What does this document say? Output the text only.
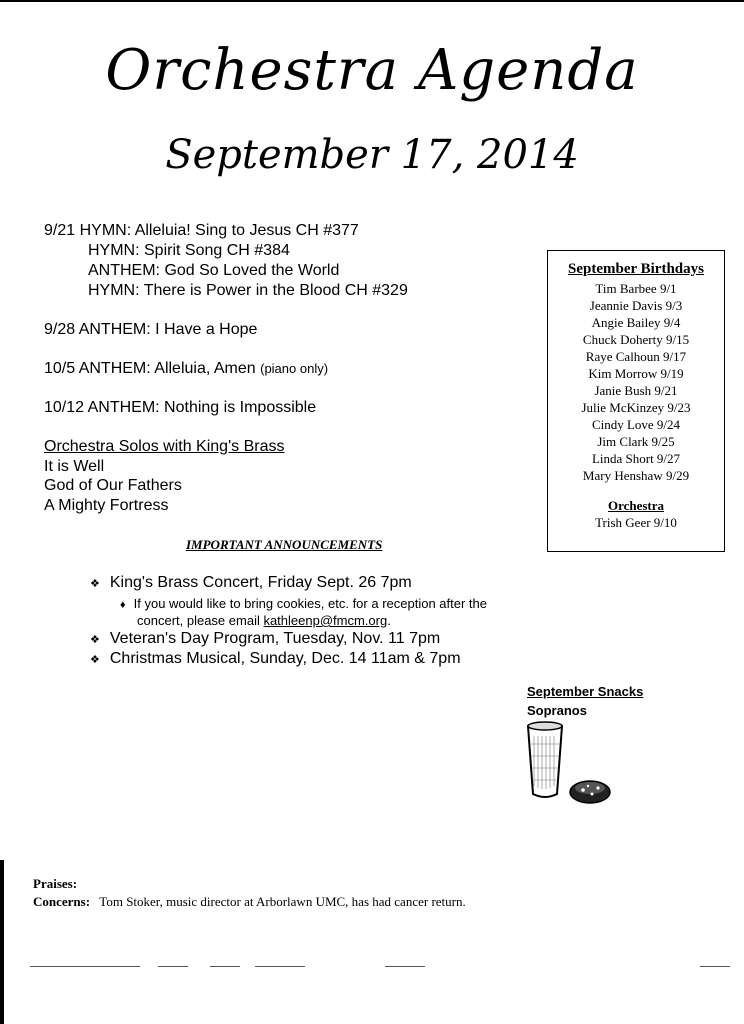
Orchestra Agenda
September 17, 2014
9/21 HYMN: Alleluia! Sing to Jesus CH #377
HYMN: Spirit Song CH #384
ANTHEM: God So Loved the World
HYMN: There is Power in the Blood CH #329
9/28 ANTHEM: I Have a Hope
10/5 ANTHEM: Alleluia, Amen (piano only)
10/12 ANTHEM: Nothing is Impossible
Orchestra Solos with King's Brass
It is Well
God of Our Fathers
A Mighty Fortress
September Birthdays
Tim Barbee 9/1
Jeannie Davis 9/3
Angie Bailey 9/4
Chuck Doherty 9/15
Raye Calhoun 9/17
Kim Morrow 9/19
Janie Bush 9/21
Julie McKinzey 9/23
Cindy Love 9/24
Jim Clark 9/25
Linda Short 9/27
Mary Henshaw 9/29
Orchestra
Trish Geer 9/10
IMPORTANT ANNOUNCEMENTS
❖ King's Brass Concert, Friday Sept. 26 7pm
♦ If you would like to bring cookies, etc. for a reception after the
concert, please email kathleenp@fmcm.org.
❖ Veteran's Day Program, Tuesday, Nov. 11 7pm
❖ Christmas Musical, Sunday, Dec. 14 11am & 7pm
September Snacks
Sopranos
Praises:
Concerns: Tom Stoker, music director at Arborlawn UMC, has had cancer return.
